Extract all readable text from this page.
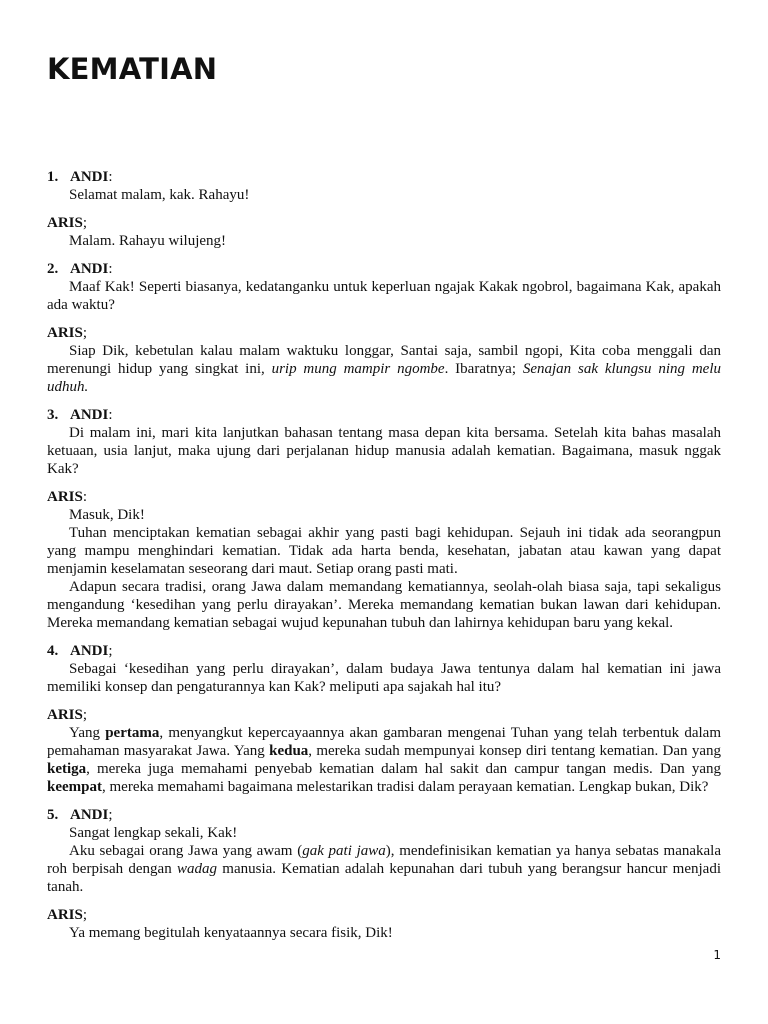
KEMATIAN
1. ANDI:

Selamat malam, kak. Rahayu!

ARIS;

Malam. Rahayu wilujeng!

2. ANDI:

Maaf Kak! Seperti biasanya, kedatanganku untuk keperluan ngajak Kakak ngobrol, bagaimana Kak, apakah ada waktu?

ARIS;

Siap Dik, kebetulan kalau malam waktuku longgar, Santai saja, sambil ngopi, Kita coba menggali dan merenungi hidup yang singkat ini, urip mung mampir ngombe. Ibaratnya; Senajan sak klungsu ning melu udhuh.

3. ANDI:

Di malam ini, mari kita lanjutkan bahasan tentang masa depan kita bersama. Setelah kita bahas masalah ketuaan, usia lanjut, maka ujung dari perjalanan hidup manusia adalah kematian. Bagaimana, masuk nggak Kak?

ARIS:

Masuk, Dik!

Tuhan menciptakan kematian sebagai akhir yang pasti bagi kehidupan. Sejauh ini tidak ada seorangpun yang mampu menghindari kematian. Tidak ada harta benda, kesehatan, jabatan atau kawan yang dapat menjamin keselamatan seseorang dari maut. Setiap orang pasti mati.

Adapun secara tradisi, orang Jawa dalam memandang kematiannya, seolah-olah biasa saja, tapi sekaligus mengandung ‘kesedihan yang perlu dirayakan’. Mereka memandang kematian bukan lawan dari kehidupan. Mereka memandang kematian sebagai wujud kepunahan tubuh dan lahirnya kehidupan baru yang kekal.

4. ANDI;

Sebagai ‘kesedihan yang perlu dirayakan’, dalam budaya Jawa tentunya dalam hal kematian ini jawa memiliki konsep dan pengaturannya kan Kak? meliputi apa sajakah hal itu?

ARIS;

Yang pertama, menyangkut kepercayaannya akan gambaran mengenai Tuhan yang telah terbentuk dalam pemahaman masyarakat Jawa. Yang kedua, mereka sudah mempunyai konsep diri tentang kematian. Dan yang ketiga, mereka juga memahami penyebab kematian dalam hal sakit dan campur tangan medis. Dan yang keempat, mereka memahami bagaimana melestarikan tradisi dalam perayaan kematian. Lengkap bukan, Dik?

5. ANDI;

Sangat lengkap sekali, Kak!

Aku sebagai orang Jawa yang awam (gak pati jawa), mendefinisikan kematian ya hanya sebatas manakala roh berpisah dengan wadag manusia. Kematian adalah kepunahan dari tubuh yang berangsur hancur menjadi tanah.

ARIS;

Ya memang begitulah kenyataannya secara fisik, Dik!

1
